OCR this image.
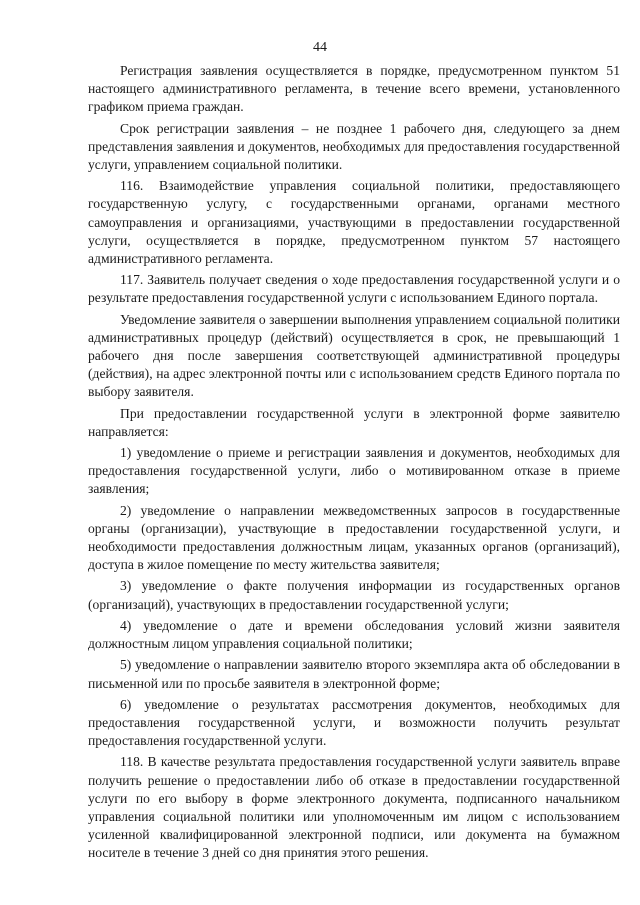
44

Регистрация заявления осуществляется в порядке, предусмотренном пунктом 51 настоящего административного регламента, в течение всего времени, установленного графиком приема граждан.

Срок регистрации заявления – не позднее 1 рабочего дня, следующего за днем представления заявления и документов, необходимых для предоставления государственной услуги, управлением социальной политики.

116. Взаимодействие управления социальной политики, предоставляющего государственную услугу, с государственными органами, органами местного самоуправления и организациями, участвующими в предоставлении государственной услуги, осуществляется в порядке, предусмотренном пунктом 57 настоящего административного регламента.

117. Заявитель получает сведения о ходе предоставления государственной услуги и о результате предоставления государственной услуги с использованием Единого портала.

Уведомление заявителя о завершении выполнения управлением социальной политики административных процедур (действий) осуществляется в срок, не превышающий 1 рабочего дня после завершения соответствующей административной процедуры (действия), на адрес электронной почты или с использованием средств Единого портала по выбору заявителя.

При предоставлении государственной услуги в электронной форме заявителю направляется:

1) уведомление о приеме и регистрации заявления и документов, необходимых для предоставления государственной услуги, либо о мотивированном отказе в приеме заявления;

2) уведомление о направлении межведомственных запросов в государственные органы (организации), участвующие в предоставлении государственной услуги, и необходимости предоставления должностным лицам, указанных органов (организаций), доступа в жилое помещение по месту жительства заявителя;

3) уведомление о факте получения информации из государственных органов (организаций), участвующих в предоставлении государственной услуги;

4) уведомление о дате и времени обследования условий жизни заявителя должностным лицом управления социальной политики;

5) уведомление о направлении заявителю второго экземпляра акта об обследовании в письменной или по просьбе заявителя в электронной форме;

6) уведомление о результатах рассмотрения документов, необходимых для предоставления государственной услуги, и возможности получить результат предоставления государственной услуги.

118. В качестве результата предоставления государственной услуги заявитель вправе получить решение о предоставлении либо об отказе в предоставлении государственной услуги по его выбору в форме электронного документа, подписанного начальником управления социальной политики или уполномоченным им лицом с использованием усиленной квалифицированной электронной подписи, или документа на бумажном носителе в течение 3 дней со дня принятия этого решения.
